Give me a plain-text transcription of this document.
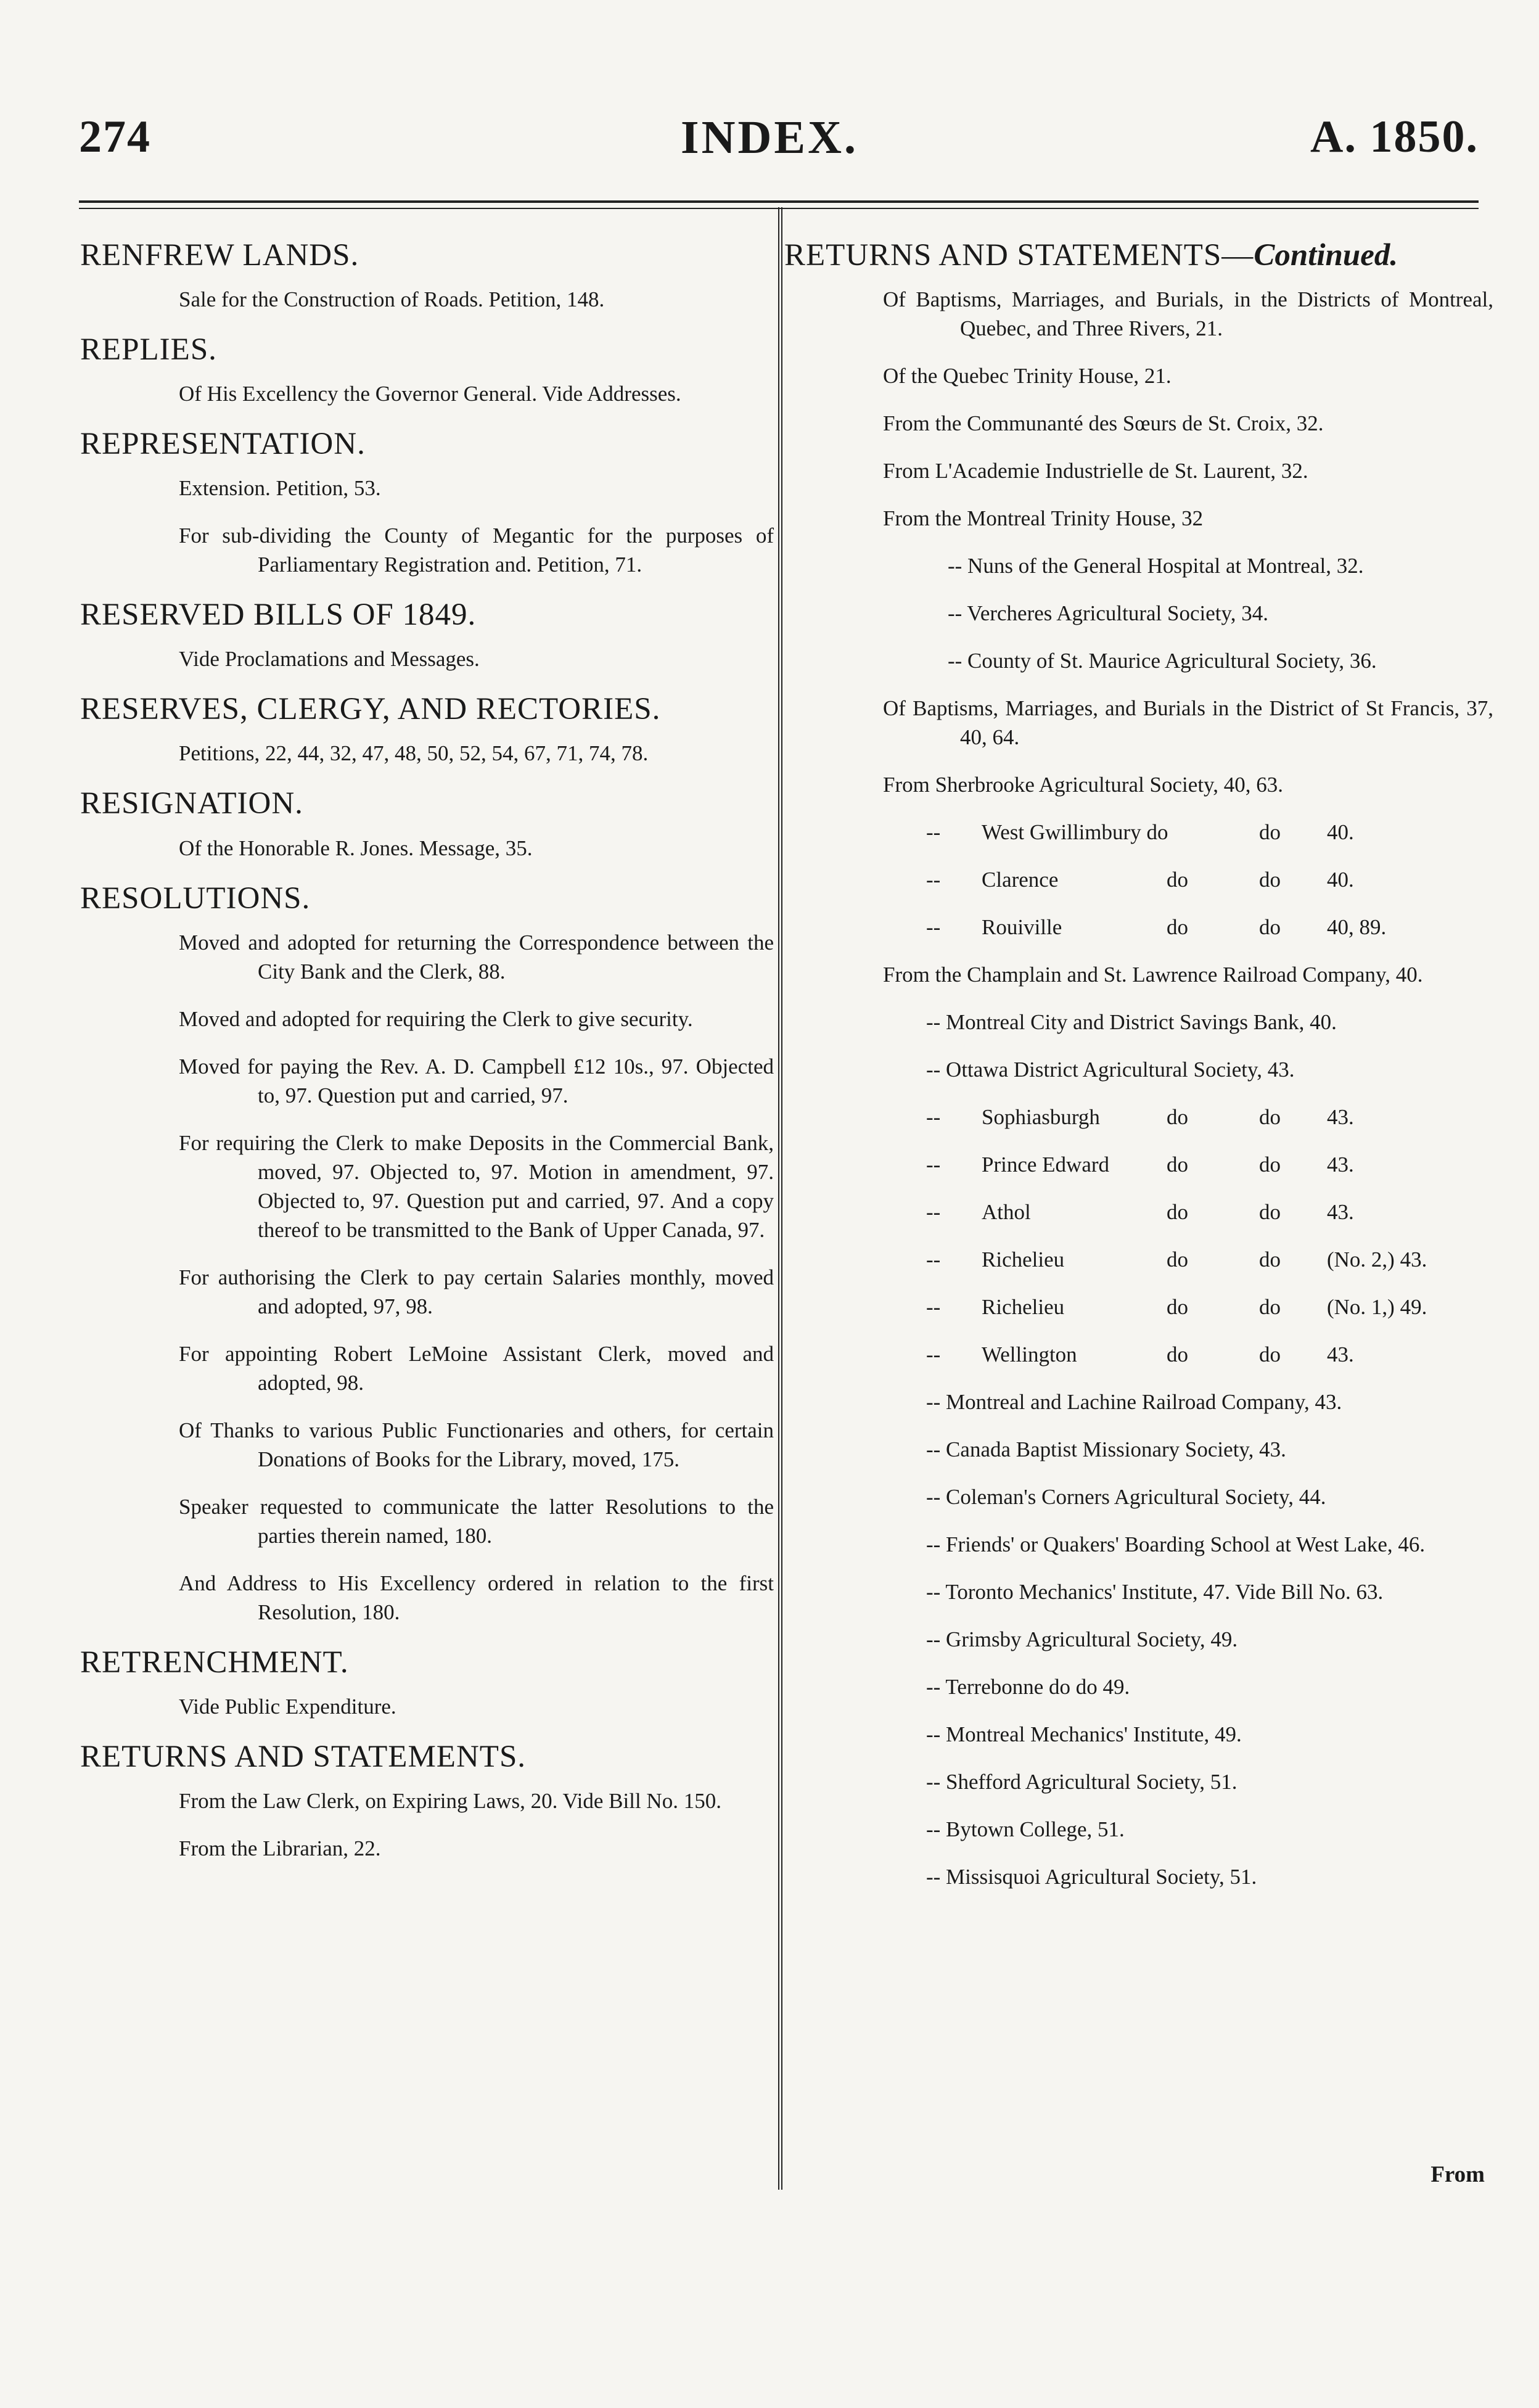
274	INDEX.	A. 1850.
RENFREW LANDS.
Sale for the Construction of Roads. Petition, 148.
REPLIES.
Of His Excellency the Governor General. Vide Addresses.
REPRESENTATION.
Extension. Petition, 53.
For sub-dividing the County of Megantic for the purposes of Parliamentary Registration and. Petition, 71.
RESERVED BILLS OF 1849.
Vide Proclamations and Messages.
RESERVES, CLERGY, AND RECTORIES.
Petitions, 22, 44, 32, 47, 48, 50, 52, 54, 67, 71, 74, 78.
RESIGNATION.
Of the Honorable R. Jones. Message, 35.
RESOLUTIONS.
Moved and adopted for returning the Correspondence between the City Bank and the Clerk, 88.
Moved and adopted for requiring the Clerk to give security.
Moved for paying the Rev. A. D. Campbell £12 10s., 97. Objected to, 97. Question put and carried, 97.
For requiring the Clerk to make Deposits in the Commercial Bank, moved, 97. Objected to, 97. Motion in amendment, 97. Objected to, 97. Question put and carried, 97. And a copy thereof to be transmitted to the Bank of Upper Canada, 97.
For authorising the Clerk to pay certain Salaries monthly, moved and adopted, 97, 98.
For appointing Robert LeMoine Assistant Clerk, moved and adopted, 98.
Of Thanks to various Public Functionaries and others, for certain Donations of Books for the Library, moved, 175.
Speaker requested to communicate the latter Resolutions to the parties therein named, 180.
And Address to His Excellency ordered in relation to the first Resolution, 180.
RETRENCHMENT.
Vide Public Expenditure.
RETURNS AND STATEMENTS.
From the Law Clerk, on Expiring Laws, 20. Vide Bill No. 150.
From the Librarian, 22.
RETURNS AND STATEMENTS—Continued.
Of Baptisms, Marriages, and Burials, in the Districts of Montreal, Quebec, and Three Rivers, 21.
Of the Quebec Trinity House, 21.
From the Communanté des Sœurs de St. Croix, 32.
From L'Academie Industrielle de St. Laurent, 32.
From the Montreal Trinity House, 32
-- Nuns of the General Hospital at Montreal, 32.
-- Vercheres Agricultural Society, 34.
-- County of St. Maurice Agricultural Society, 36.
Of Baptisms, Marriages, and Burials in the District of St Francis, 37, 40, 64.
From Sherbrooke Agricultural Society, 40, 63.
--	West Gwillimbury do	do	40.
--	Clarence	do	do	40.
--	Rouiville	do	do	40, 89.
From the Champlain and St. Lawrence Railroad Company, 40.
-- Montreal City and District Savings Bank, 40.
-- Ottawa District Agricultural Society, 43.
--	Sophiasburgh	do	do	43.
--	Prince Edward	do	do	43.
--	Athol	do	do	43.
--	Richelieu	do	do	(No. 2,) 43.
--	Richelieu	do	do	(No. 1,) 49.
--	Wellington	do	do	43.
-- Montreal and Lachine Railroad Company, 43.
-- Canada Baptist Missionary Society, 43.
-- Coleman's Corners Agricultural Society, 44.
-- Friends' or Quakers' Boarding School at West Lake, 46.
-- Toronto Mechanics' Institute, 47. Vide Bill No. 63.
-- Grimsby Agricultural Society, 49.
-- Terrebonne do do 49.
-- Montreal Mechanics' Institute, 49.
-- Shefford Agricultural Society, 51.
-- Bytown College, 51.
-- Missisquoi Agricultural Society, 51.
From
